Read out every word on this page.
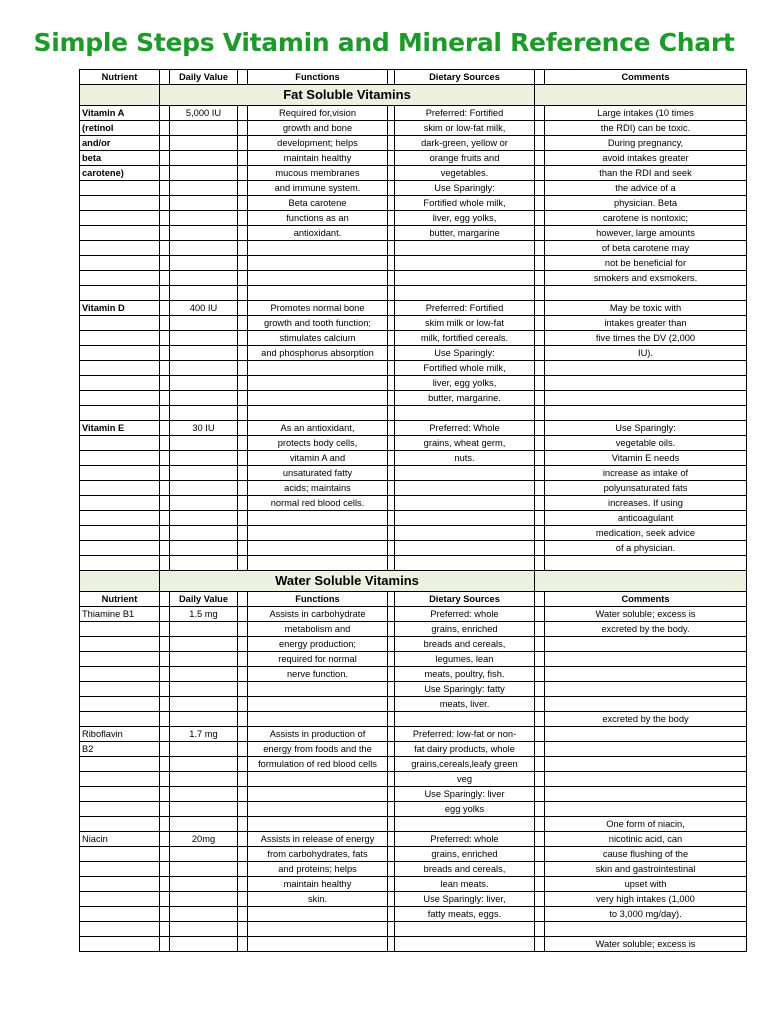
Simple Steps Vitamin and Mineral Reference Chart
Nutrient		Daily Value		Functions		Dietary Sources		Comments
	Fat Soluble Vitamins							
Vitamin A		5,000 IU		Required for,vision		Preferred: Fortified		Large intakes (10 times
(retinol				growth and bone		skim or low-fat milk,		the RDI) can be toxic.
and/or				development; helps		dark-green, yellow or		During pregnancy,
beta				maintain healthy		orange fruits and		avoid intakes greater
carotene)				mucous membranes		vegetables.		than the RDI and seek
				and immune system.		Use Sparingly:		the advice of a
				Beta carotene		Fortified whole milk,		physician. Beta
				functions as an		liver, egg yolks,		carotene is nontoxic;
				antioxidant.		butter, margarine		however, large amounts
								of beta carotene may
								not be beneficial for
								smokers and exsmokers.

Vitamin D		400 IU		Promotes normal bone		Preferred: Fortified		May be toxic with
				growth and tooth function;		skim milk or low-fat		intakes greater than
				stimulates calcium		milk, fortified cereals.		five times the DV (2,000
				and phosphorus absorption		Use Sparingly:		IU).
						Fortified whole milk,		
						liver, egg yolks,		
						butter, margarine.		

Vitamin E		30 IU		As an antioxidant,		Preferred: Whole		Use Sparingly:
				protects body cells,		grains, wheat germ,		vegetable oils.
				vitamin A and		nuts.		Vitamin E needs
				unsaturated fatty				increase as intake of
				acids; maintains				polyunsaturated fats
				normal red blood cells.				increases. If using
								anticoagulant
								medication, seek advice
								of a physician.

	Water Soluble Vitamins							
Nutrient		Daily Value		Functions		Dietary Sources		Comments
Thiamine B1		1.5 mg		Assists in carbohydrate		Preferred: whole		Water soluble; excess is
				metabolism and		grains, enriched		excreted by the body.
				energy production;		breads and cereals,		
				required for normal		legumes, lean		
				nerve function.		meats, poultry, fish.		
						Use Sparingly: fatty		
						meats, liver.		
								excreted by the body
Riboflavin		1.7 mg		Assists in production of		Preferred: low-fat or non-		
B2				energy from foods and the		fat dairy products, whole		
				formulation of red blood cells		grains,cereals,leafy green		
						veg		
						Use Sparingly: liver		
						egg yolks		
								One form of niacin,
Niacin		20mg		Assists in release of energy		Preferred: whole		nicotinic acid, can
				from carbohydrates, fats		grains, enriched		cause flushing of the
				and proteins; helps		breads and cereals,		skin and gastrointestinal
				maintain healthy		lean meats.		upset with
				skin.		Use Sparingly: liver,		very high intakes (1,000
						fatty meats, eggs.		to 3,000 mg/day).

								Water soluble; excess is
